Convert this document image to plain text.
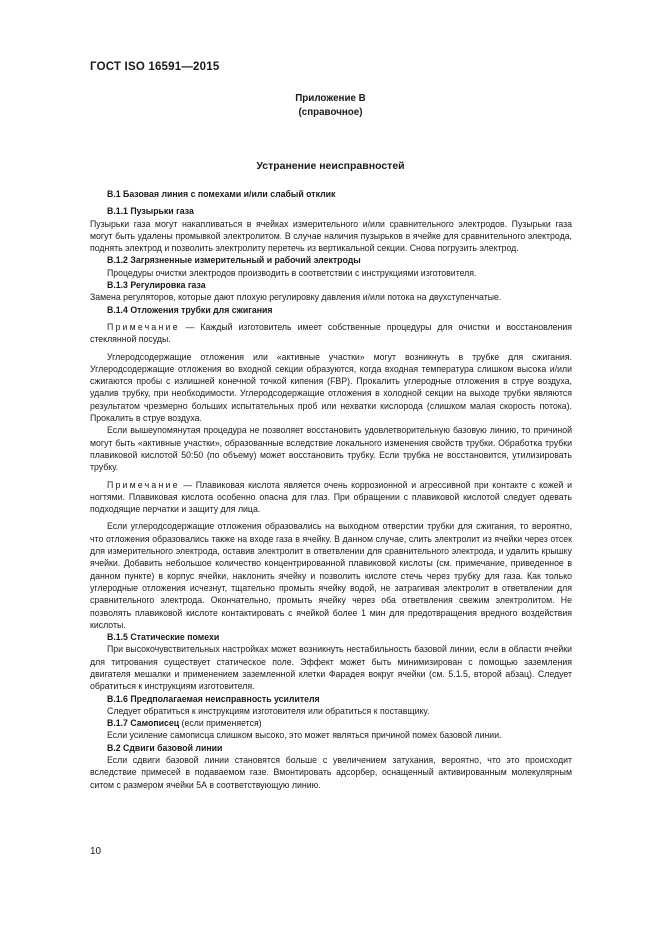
ГОСТ ISO 16591—2015
Приложение В
(справочное)
Устранение неисправностей

В.1 Базовая линия с помехами и/или слабый отклик

В.1.1 Пузырьки газа

Пузырьки газа могут накапливаться в ячейках измерительного и/или сравнительного электродов. Пузырьки газа могут быть удалены промывкой электролитом. В случае наличия пузырьков в ячейке для сравнительного электрода, поднять электрод и позволить электролиту перетечь из вертикальной секции. Снова погрузить электрод.

В.1.2 Загрязненные измерительный и рабочий электроды

Процедуры очистки электродов производить в соответствии с инструкциями изготовителя.

В.1.3 Регулировка газа

Замена регуляторов, которые дают плохую регулировку давления и/или потока на двухступенчатые.

В.1.4 Отложения трубки для сжигания

Примечание — Каждый изготовитель имеет собственные процедуры для очистки и восстановления стеклянной посуды.

Углеродсодержащие отложения или «активные участки» могут возникнуть в трубке для сжигания. Углеродсодержащие отложения во входной секции образуются, когда входная температура слишком высока и/или сжигаются пробы с излишней конечной точкой кипения (FBP). Прокалить углеродные отложения в струе воздуха, удалив трубку, при необходимости. Углеродсодержащие отложения в холодной секции на выходе трубки являются результатом чрезмерно больших испытательных проб или нехватки кислорода (слишком малая скорость потока). Прокалить в струе воздуха.

Если вышеупомянутая процедура не позволяет восстановить удовлетворительную базовую линию, то причиной могут быть «активные участки», образованные вследствие локального изменения свойств трубки. Обработка трубки плавиковой кислотой 50:50 (по объему) может восстановить трубку. Если трубка не восстановится, утилизировать трубку.

Примечание — Плавиковая кислота является очень коррозионной и агрессивной при контакте с кожей и ногтями. Плавиковая кислота особенно опасна для глаз. При обращении с плавиковой кислотой следует одевать подходящие перчатки и защиту для лица.

Если углеродсодержащие отложения образовались на выходном отверстии трубки для сжигания, то вероятно, что отложения образовались также на входе газа в ячейку. В данном случае, слить электролит из ячейки через отсек для измерительного электрода, оставив электролит в ответвлении для сравнительного электрода, и удалить крышку ячейки. Добавить небольшое количество концентрированной плавиковой кислоты (см. примечание, приведенное в данном пункте) в корпус ячейки, наклонить ячейку и позволить кислоте стечь через трубку для газа. Как только углеродные отложения исчезнут, тщательно промыть ячейку водой, не затрагивая электролит в ответвлении для сравнительного электрода. Окончательно, промыть ячейку через оба ответвления свежим электролитом. Не позволять плавиковой кислоте контактировать с ячейкой более 1 мин для предотвращения вредного воздействия кислоты.

В.1.5 Статические помехи

При высокочувствительных настройках может возникнуть нестабильность базовой линии, если в области ячейки для титрования существует статическое поле. Эффект может быть минимизирован с помощью заземления двигателя мешалки и применением заземленной клетки Фарадея вокруг ячейки (см. 5.1.5, второй абзац). Следует обратиться к инструкциям изготовителя.

В.1.6 Предполагаемая неисправность усилителя

Следует обратиться к инструкциям изготовителя или обратиться к поставщику.

В.1.7 Самописец (если применяется)

Если усиление самописца слишком высоко, это может являться причиной помех базовой линии.

В.2 Сдвиги базовой линии

Если сдвиги базовой линии становятся больше с увеличением затухания, вероятно, что это происходит вследствие примесей в подаваемом газе. Вмонтировать адсорбер, оснащенный активированным молекулярным ситом с размером ячейки 5А в соответствующую линию.

10
